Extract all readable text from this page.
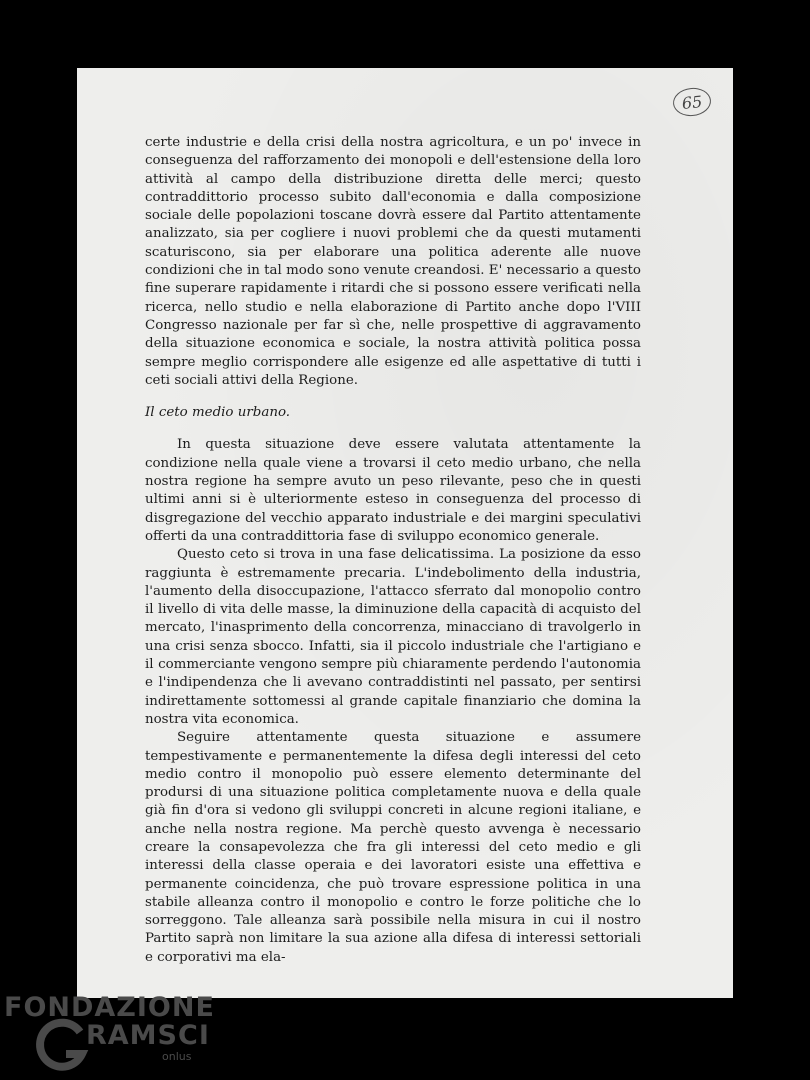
65

certe industrie e della crisi della nostra agricoltura, e un po' invece in conseguenza del rafforzamento dei monopoli e dell'estensione della loro attività al campo della distribuzione diretta delle merci; questo contraddittorio processo subito dall'economia e dalla composizione sociale delle popolazioni toscane dovrà essere dal Partito attentamente analizzato, sia per cogliere i nuovi problemi che da questi mutamenti scaturiscono, sia per elaborare una politica aderente alle nuove condizioni che in tal modo sono venute creandosi. E' necessario a questo fine superare rapidamente i ritardi che si possono essere verificati nella ricerca, nello studio e nella elaborazione di Partito anche dopo l'VIII Congresso nazionale per far sì che, nelle prospettive di aggravamento della situazione economica e sociale, la nostra attività politica possa sempre meglio corrispondere alle esigenze ed alle aspettative di tutti i ceti sociali attivi della Regione.

Il ceto medio urbano.

In questa situazione deve essere valutata attentamente la condizione nella quale viene a trovarsi il ceto medio urbano, che nella nostra regione ha sempre avuto un peso rilevante, peso che in questi ultimi anni si è ulteriormente esteso in conseguenza del processo di disgregazione del vecchio apparato industriale e dei margini speculativi offerti da una contraddittoria fase di sviluppo economico generale.

Questo ceto si trova in una fase delicatissima. La posizione da esso raggiunta è estremamente precaria. L'indebolimento della industria, l'aumento della disoccupazione, l'attacco sferrato dal monopolio contro il livello di vita delle masse, la diminuzione della capacità di acquisto del mercato, l'inasprimento della concorrenza, minacciano di travolgerlo in una crisi senza sbocco. Infatti, sia il piccolo industriale che l'artigiano e il commerciante vengono sempre più chiaramente perdendo l'autonomia e l'indipendenza che li avevano contraddistinti nel passato, per sentirsi indirettamente sottomessi al grande capitale finanziario che domina la nostra vita economica.

Seguire attentamente questa situazione e assumere tempestivamente e permanentemente la difesa degli interessi del ceto medio contro il monopolio può essere elemento determinante del prodursi di una situazione politica completamente nuova e della quale già fin d'ora si vedono gli sviluppi concreti in alcune regioni italiane, e anche nella nostra regione. Ma perchè questo avvenga è necessario creare la consapevolezza che fra gli interessi del ceto medio e gli interessi della classe operaia e dei lavoratori esiste una effettiva e permanente coincidenza, che può trovare espressione politica in una stabile alleanza contro il monopolio e contro le forze politiche che lo sorreggono. Tale alleanza sarà possibile nella misura in cui il nostro Partito saprà non limitare la sua azione alla difesa di interessi settoriali e corporativi ma ela-

FONDAZIONE
RAMSCI
onlus
